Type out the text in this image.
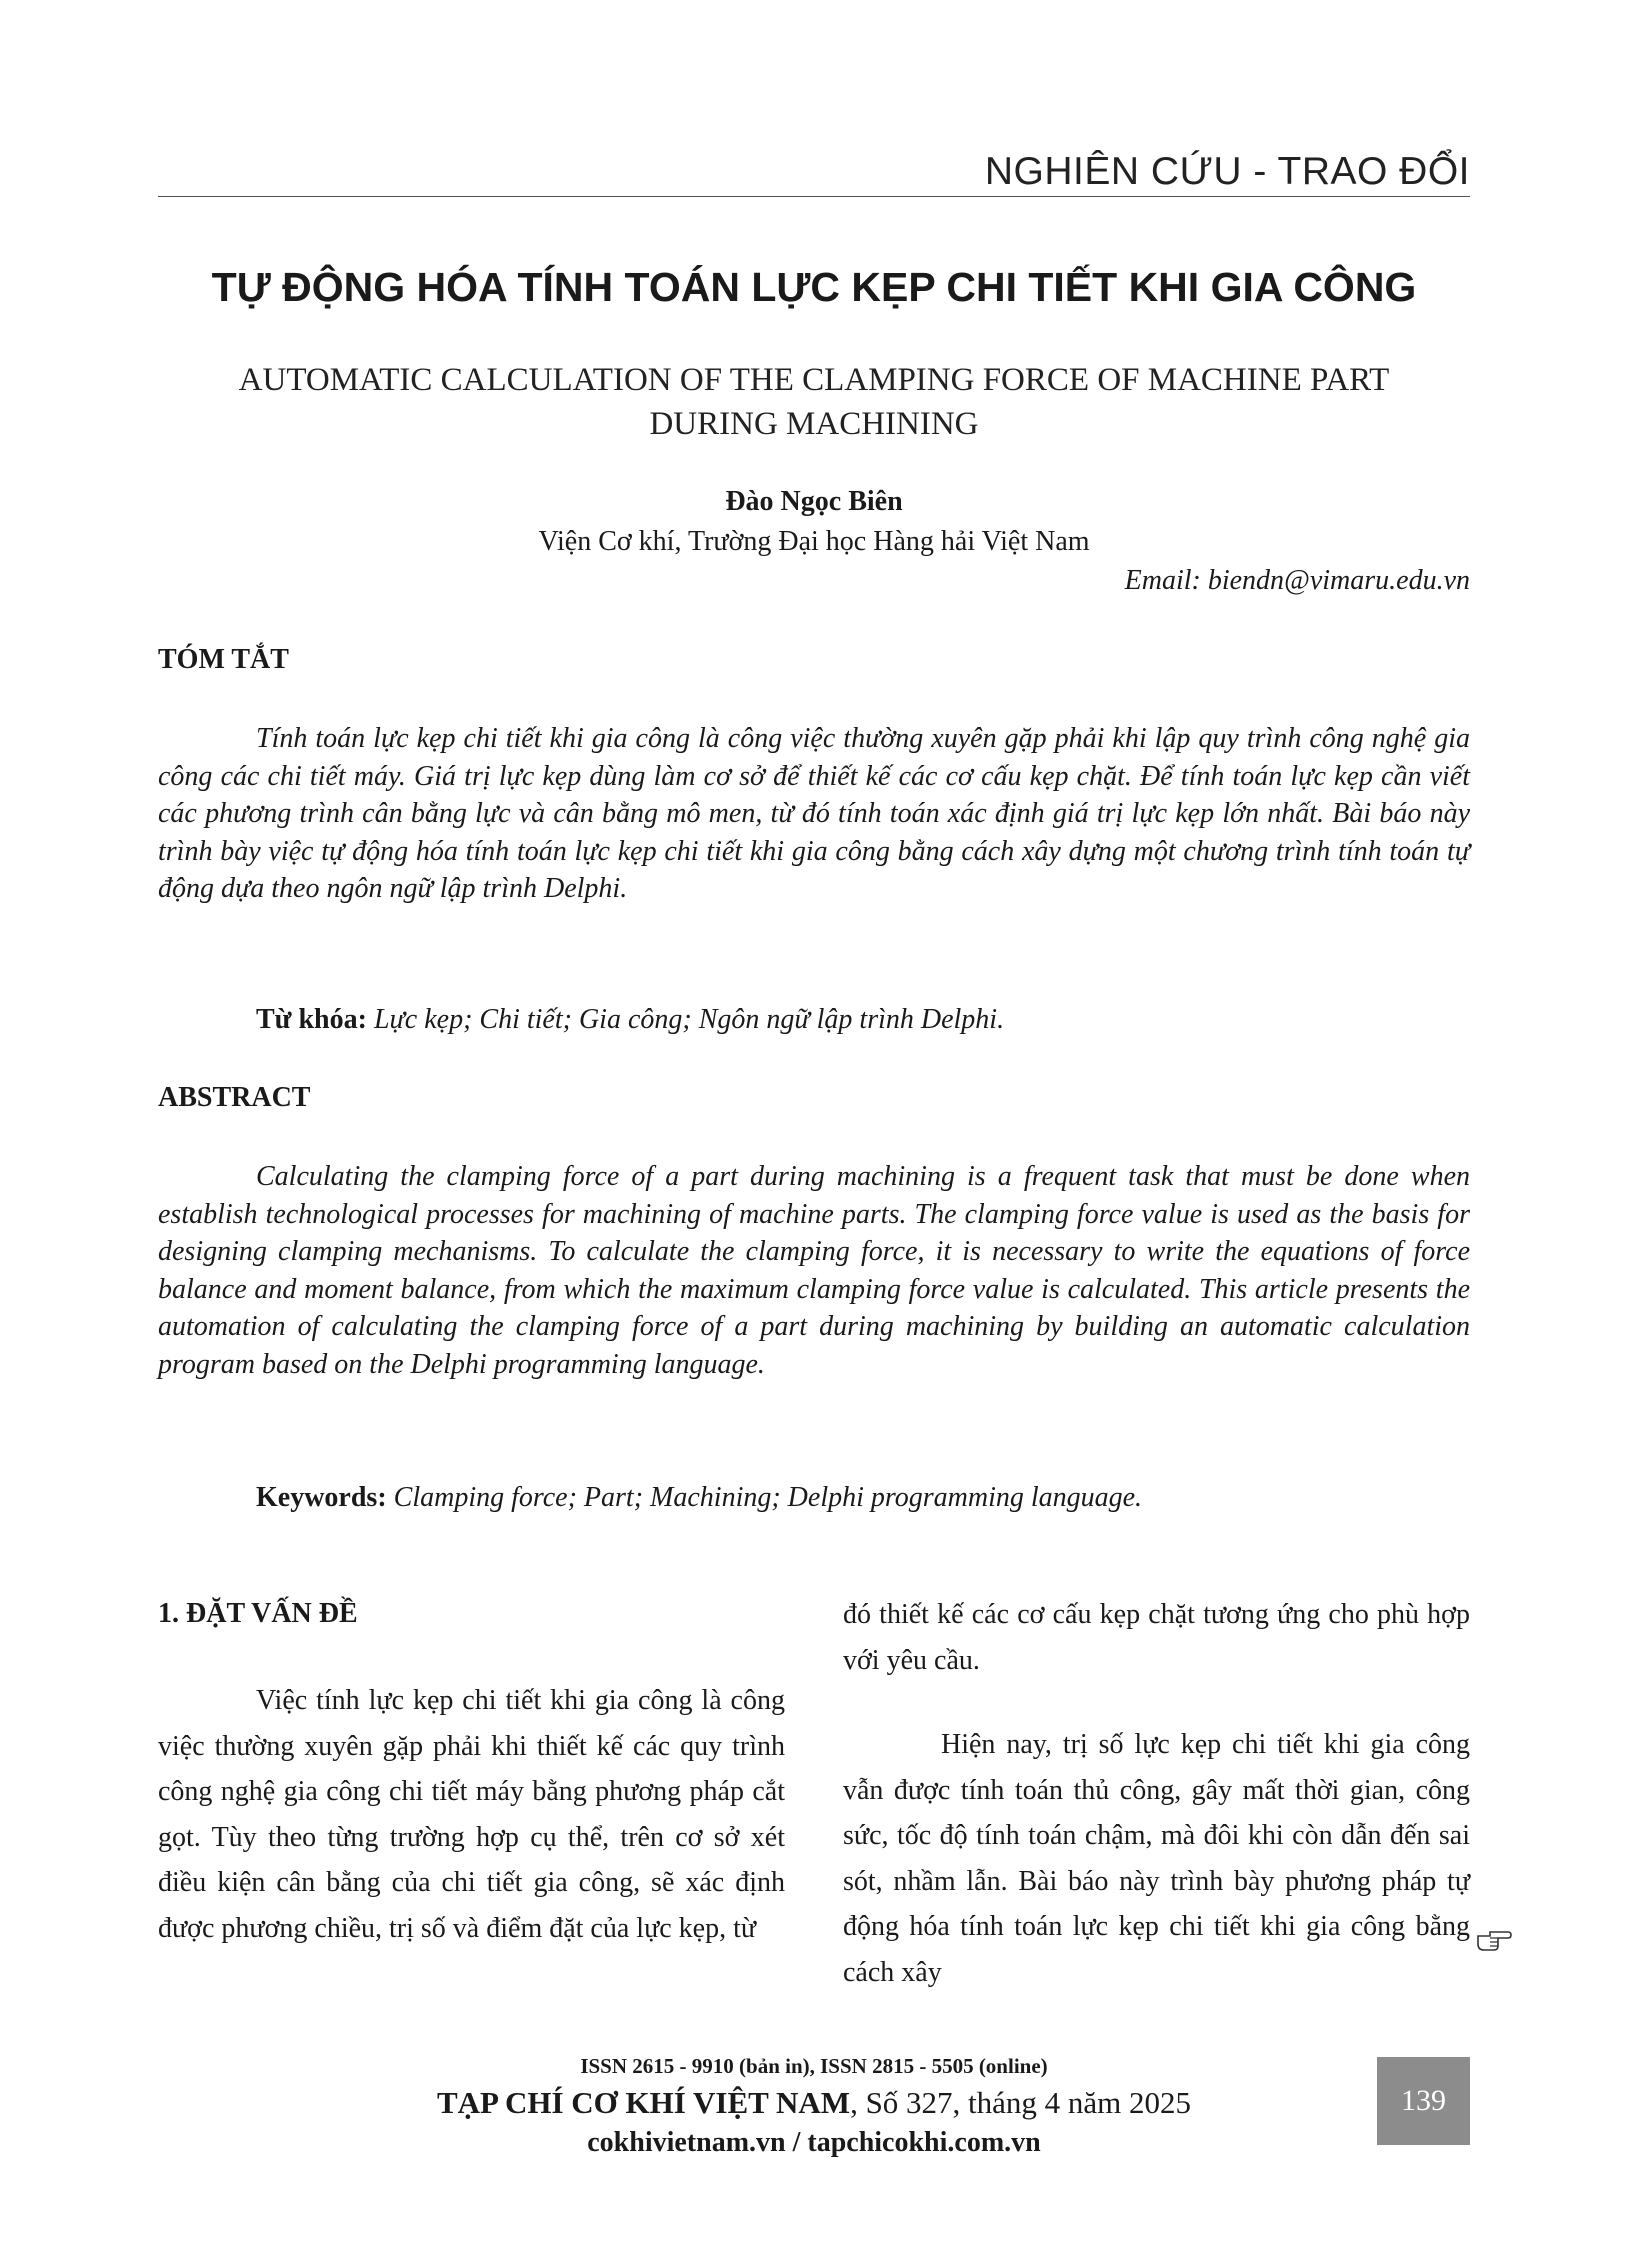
NGHIÊN CỨU - TRAO ĐỔI
TỰ ĐỘNG HÓA TÍNH TOÁN LỰC KẸP CHI TIẾT KHI GIA CÔNG
AUTOMATIC CALCULATION OF THE CLAMPING FORCE OF MACHINE PART
DURING MACHINING
Đào Ngọc Biên
Viện Cơ khí, Trường Đại học Hàng hải Việt Nam
Email: biendn@vimaru.edu.vn
TÓM TẮT

Tính toán lực kẹp chi tiết khi gia công là công việc thường xuyên gặp phải khi lập quy trình công nghệ gia công các chi tiết máy. Giá trị lực kẹp dùng làm cơ sở để thiết kế các cơ cấu kẹp chặt. Để tính toán lực kẹp cần viết các phương trình cân bằng lực và cân bằng mô men, từ đó tính toán xác định giá trị lực kẹp lớn nhất. Bài báo này trình bày việc tự động hóa tính toán lực kẹp chi tiết khi gia công bằng cách xây dựng một chương trình tính toán tự động dựa theo ngôn ngữ lập trình Delphi.

Từ khóa: Lực kẹp; Chi tiết; Gia công; Ngôn ngữ lập trình Delphi.

ABSTRACT

Calculating the clamping force of a part during machining is a frequent task that must be done when establish technological processes for machining of machine parts. The clamping force value is used as the basis for designing clamping mechanisms. To calculate the clamping force, it is necessary to write the equations of force balance and moment balance, from which the maximum clamping force value is calculated. This article presents the automation of calculating the clamping force of a part during machining by building an automatic calculation program based on the Delphi programming language.

Keywords: Clamping force; Part; Machining; Delphi programming language.

1. ĐẶT VẤN ĐỀ

Việc tính lực kẹp chi tiết khi gia công là công việc thường xuyên gặp phải khi thiết kế các quy trình công nghệ gia công chi tiết máy bằng phương pháp cắt gọt. Tùy theo từng trường hợp cụ thể, trên cơ sở xét điều kiện cân bằng của chi tiết gia công, sẽ xác định được phương chiều, trị số và điểm đặt của lực kẹp, từ

đó thiết kế các cơ cấu kẹp chặt tương ứng cho phù hợp với yêu cầu.

Hiện nay, trị số lực kẹp chi tiết khi gia công vẫn được tính toán thủ công, gây mất thời gian, công sức, tốc độ tính toán chậm, mà đôi khi còn dẫn đến sai sót, nhầm lẫn. Bài báo này trình bày phương pháp tự động hóa tính toán lực kẹp chi tiết khi gia công bằng cách xây

ISSN 2615 - 9910 (bản in), ISSN 2815 - 5505 (online)
TẠP CHÍ CƠ KHÍ VIỆT NAM, Số 327, tháng 4 năm 2025
cokhivietnam.vn / tapchicokhi.com.vn
139
